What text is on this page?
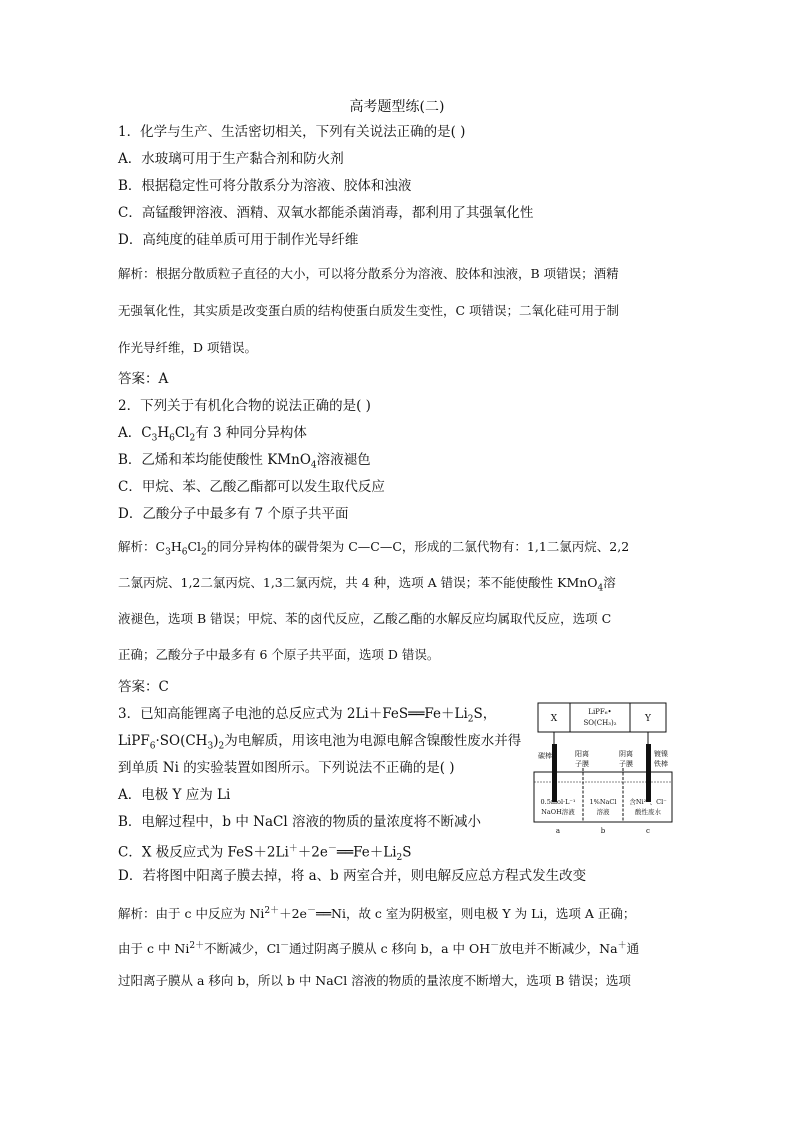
高考题型练(二)
1．化学与生产、生活密切相关，下列有关说法正确的是( )
A．水玻璃可用于生产黏合剂和防火剂
B．根据稳定性可将分散系分为溶液、胶体和浊液
C．高锰酸钾溶液、酒精、双氧水都能杀菌消毒，都利用了其强氧化性
D．高纯度的硅单质可用于制作光导纤维
解析：根据分散质粒子直径的大小，可以将分散系分为溶液、胶体和浊液，B 项错误；酒精
无强氧化性，其实质是改变蛋白质的结构使蛋白质发生变性，C 项错误；二氧化硅可用于制
作光导纤维，D 项错误。
答案：A
2．下列关于有机化合物的说法正确的是( )
A．$C_3H_6Cl_2$有 3 种同分异构体
B．乙烯和苯均能使酸性 KMnO$_4$溶液褪色
C．甲烷、苯、乙酸乙酯都可以发生取代反应
D．乙酸分子中最多有 7 个原子共平面
解析：$C_3H_6Cl_2$的同分异构体的碳骨架为 C—C—C，形成的二氯代物有：1,1二氯丙烷、2,2
二氯丙烷、1,2二氯丙烷、1,3二氯丙烷，共 4 种，选项 A 错误；苯不能使酸性 KMnO$_4$溶
液褪色，选项 B 错误；甲烷、苯的卤代反应，乙酸乙酯的水解反应均属取代反应，选项 C
正确；乙酸分子中最多有 6 个原子共平面，选项 D 错误。
答案：C
3．已知高能锂离子电池的总反应式为 $2Li+FeS══Fe+Li_2S$，
$LiPF_6\cdot SO(CH_3)_2$为电解质，用该电池为电源电解含镍酸性废水并得
到单质 Ni 的实验装置如图所示。下列说法不正确的是( )
A．电极 Y 应为 Li
B．电解过程中，b 中 NaCl 溶液的物质的量浓度将不断减小
C．X 极反应式为 $FeS+2Li^++2e^-══Fe+Li_2S$
D．若将图中阳离子膜去掉，将 a、b 两室合并，则电解反应总方程式发生改变
解析：由于 c 中反应为 $Ni^{2+}+2e^-══Ni$，故 c 室为阴极室，则电极 Y 为 Li，选项 A 正确；
由于 c 中 $Ni^{2+}$不断减少，Cl－通过阴离子膜从 c 移向 b，a 中 OH－放电并不断减少，Na＋通
过阳离子膜从 a 移向 b，所以 b 中 NaCl 溶液的物质的量浓度不断增大，选项 B 错误；选项
X
LiPF₆•
SO(CH₃)₂	Y
碳棒	阳离
子膜
阴离
子膜
镀镍
铁棒
0.5mol·L⁻¹
NaOH溶液
1%NaCl
溶液
含Ni²⁺、Cl⁻
酸性废水
a	b	c
